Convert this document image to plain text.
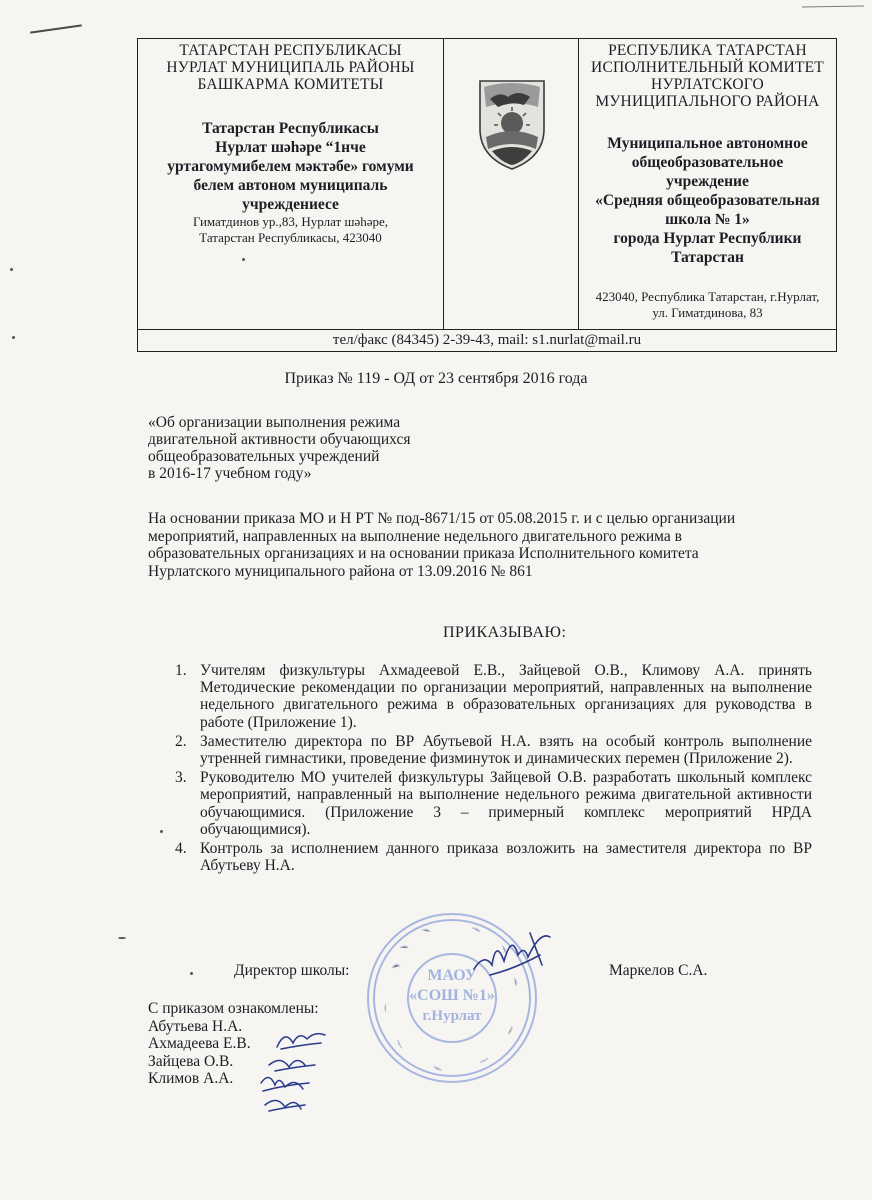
ТАТАРСТАН РЕСПУБЛИКАСЫ
НУРЛАТ МУНИЦИПАЛЬ РАЙОНЫ
БАШКАРМА КОМИТЕТЫ
Татарстан Республикасы
Нурлат шәһәре “1нче
уртагомумибелем мәктәбе» гомуми
белем автоном муниципаль
учреждениесе
Гиматдинов ур.,83, Нурлат шәһәре,
Татарстан Республикасы, 423040
РЕСПУБЛИКА ТАТАРСТАН
ИСПОЛНИТЕЛЬНЫЙ КОМИТЕТ
НУРЛАТСКОГО
МУНИЦИПАЛЬНОГО РАЙОНА
Муниципальное автономное
общеобразовательное
учреждение
«Средняя общеобразовательная
школа № 1»
города Нурлат Республики
Татарстан
423040, Республика Татарстан, г.Нурлат,
ул. Гиматдинова, 83
тел/факс (84345) 2-39-43, mail: s1.nurlat@mail.ru
Приказ № 119 - ОД от 23 сентября 2016 года
«Об организации выполнения режима
двигательной активности обучающихся
общеобразовательных учреждений
в 2016-17 учебном году»
На основании приказа МО и Н РТ № под-8671/15 от 05.08.2015 г. и с целью организации
мероприятий, направленных на выполнение недельного двигательного режима в
образовательных организациях и на основании приказа Исполнительного комитета
Нурлатского муниципального района от 13.09.2016 № 861
ПРИКАЗЫВАЮ:
1. Учителям физкультуры Ахмадеевой Е.В., Зайцевой О.В., Климову А.А. принять Методические рекомендации по организации мероприятий, направленных на выполнение недельного двигательного режима в образовательных организациях для руководства в работе (Приложение 1).
2. Заместителю директора по ВР Абутьевой Н.А. взять на особый контроль выполнение утренней гимнастики, проведение физминуток и динамических перемен (Приложение 2).
3. Руководителю МО учителей физкультуры Зайцевой О.В. разработать школьный комплекс мероприятий, направленный на выполнение недельного режима двигательной активности обучающимися. (Приложение 3 – примерный комплекс мероприятий НРДА обучающимися).
4. Контроль за исполнением данного приказа возложить на заместителя директора по ВР Абутьеву Н.А.
МАОУ
«СОШ №1»
г.Нурлат
Директор школы:	Маркелов С.А.
С приказом ознакомлены:
Абутьева Н.А.
Ахмадеева Е.В.
Зайцева О.В.
Климов А.А.
